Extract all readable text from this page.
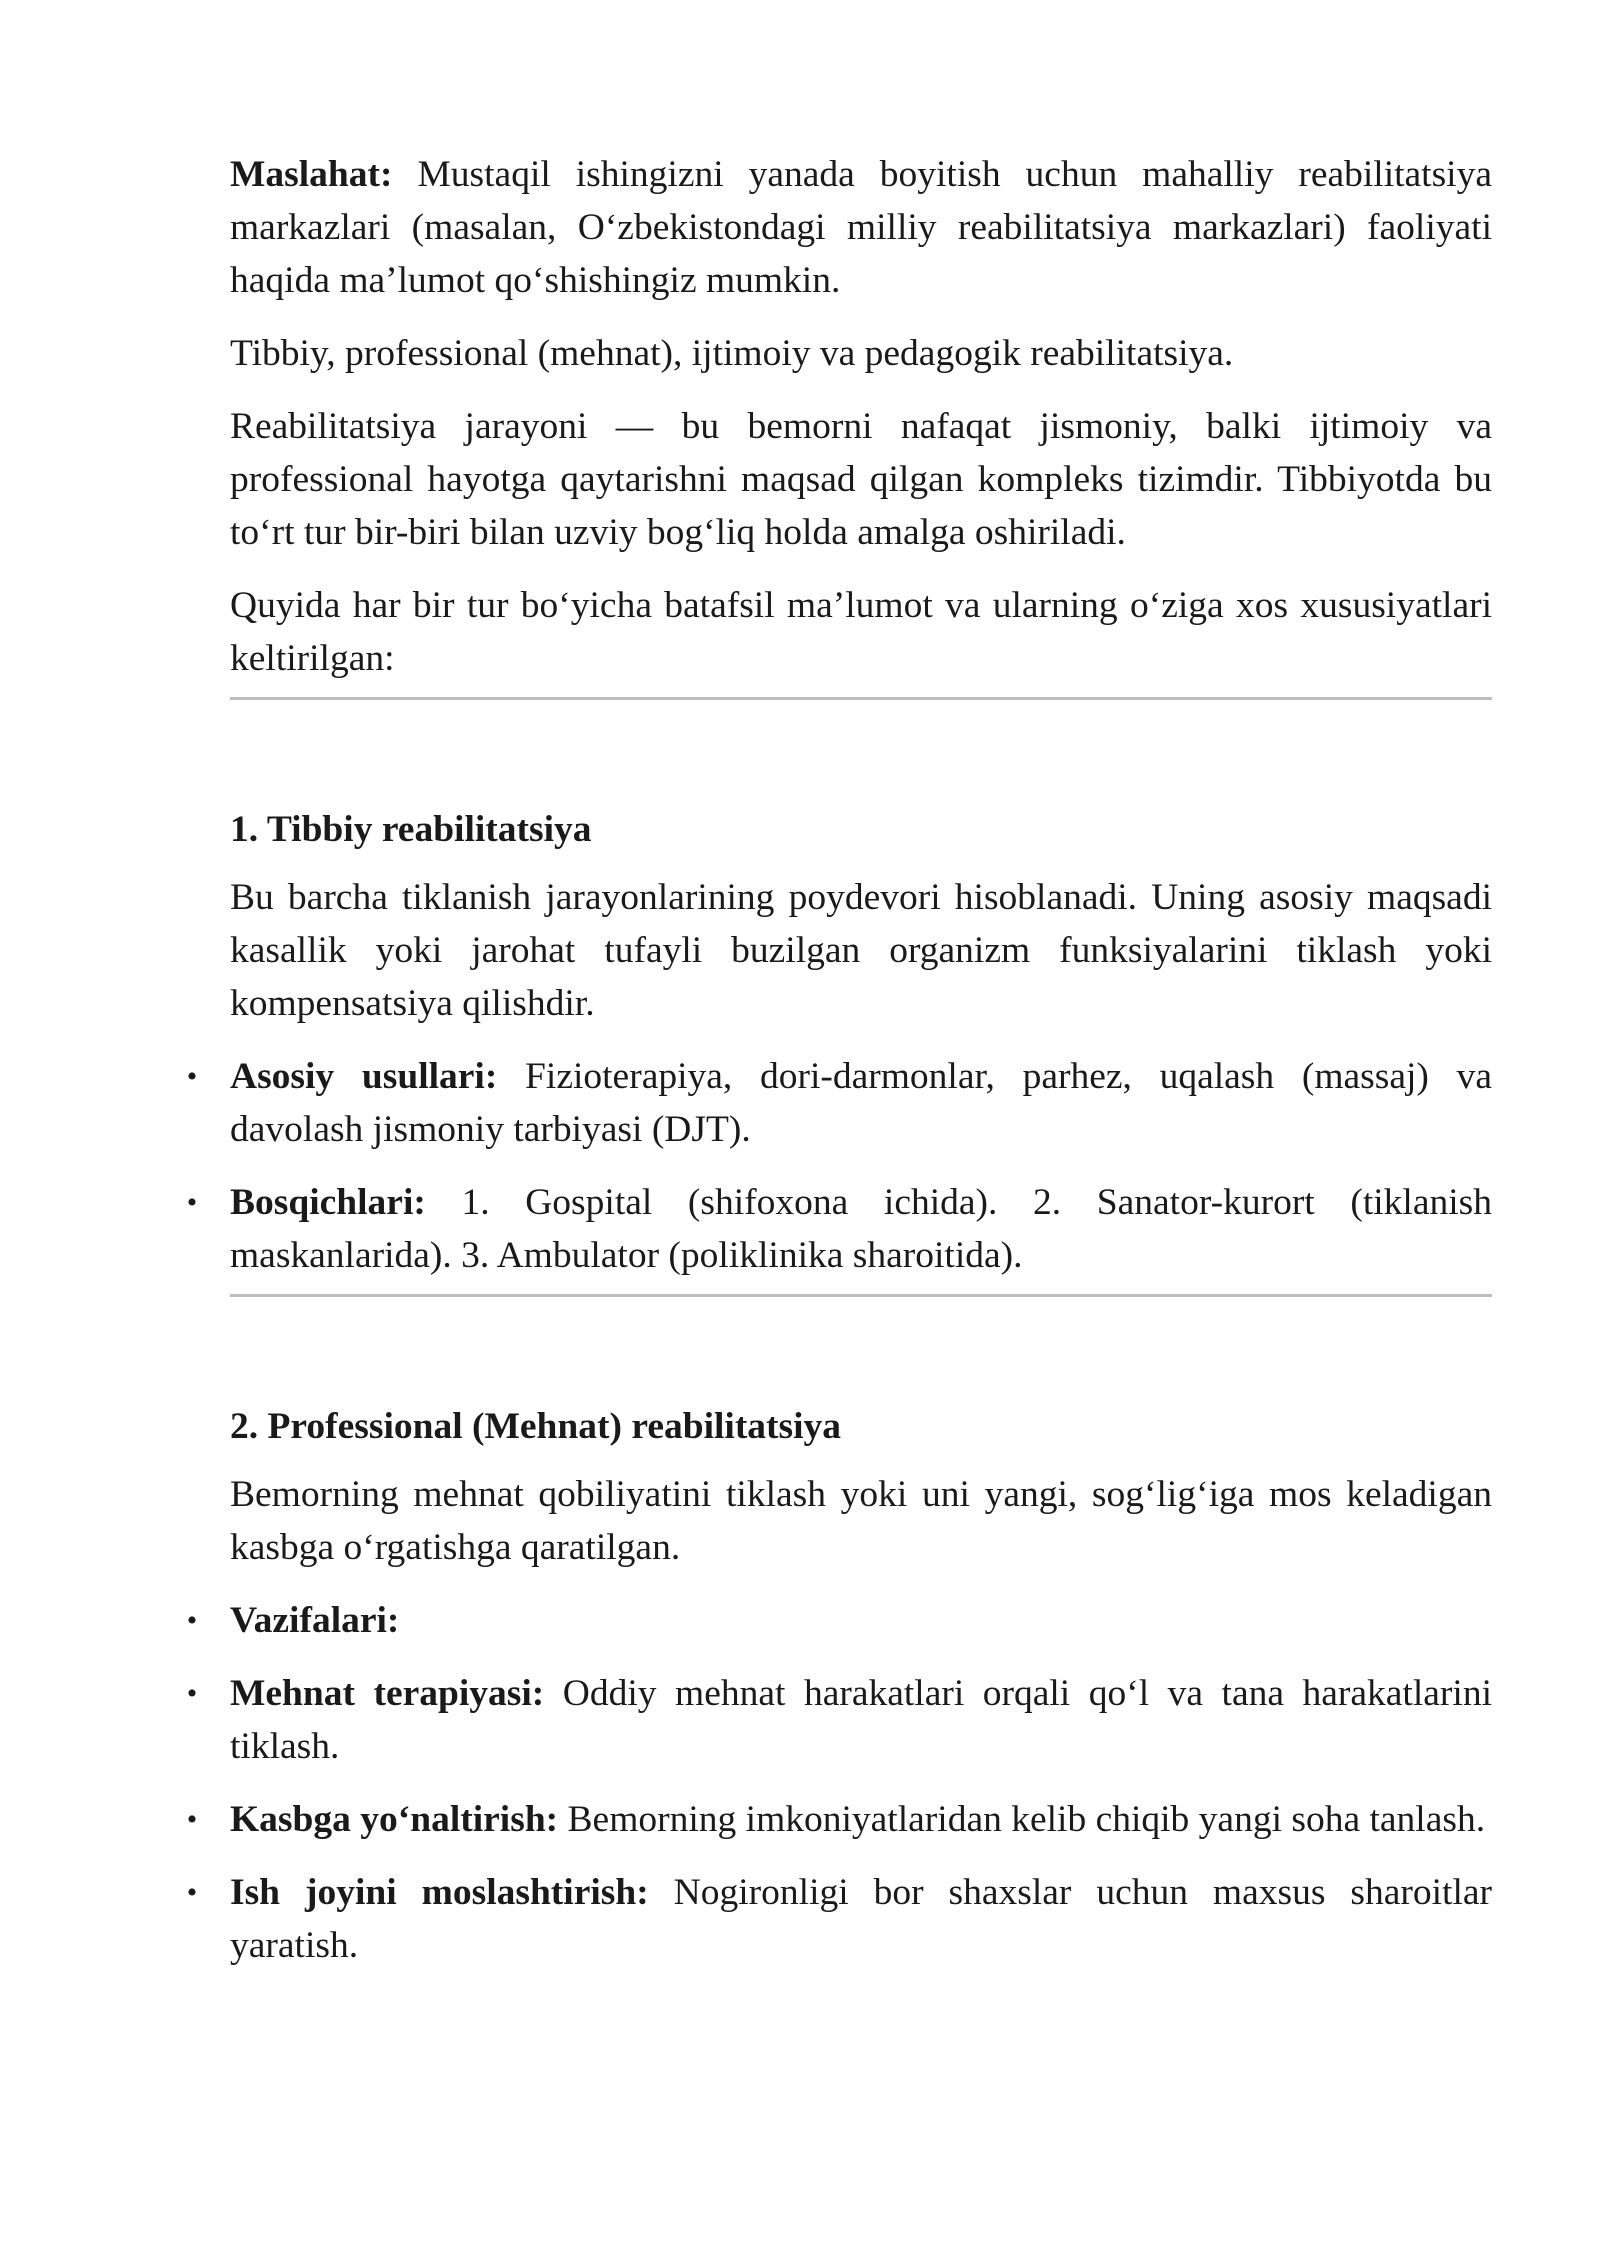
Maslahat: Mustaqil ishingizni yanada boyitish uchun mahalliy reabilitatsiya markazlari (masalan, O‘zbekistondagi milliy reabilitatsiya markazlari) faoliyati haqida ma’lumot qo‘shishingiz mumkin.

Tibbiy, professional (mehnat), ijtimoiy va pedagogik reabilitatsiya.

Reabilitatsiya jarayoni — bu bemorni nafaqat jismoniy, balki ijtimoiy va professional hayotga qaytarishni maqsad qilgan kompleks tizimdir. Tibbiyotda bu to‘rt tur bir-biri bilan uzviy bog‘liq holda amalga oshiriladi.

Quyida har bir tur bo‘yicha batafsil ma’lumot va ularning o‘ziga xos xususiyatlari keltirilgan:

1. Tibbiy reabilitatsiya

Bu barcha tiklanish jarayonlarining poydevori hisoblanadi. Uning asosiy maqsadi kasallik yoki jarohat tufayli buzilgan organizm funksiyalarini tiklash yoki kompensatsiya qilishdir.

• Asosiy usullari: Fizioterapiya, dori-darmonlar, parhez, uqalash (massaj) va davolash jismoniy tarbiyasi (DJT).
• Bosqichlari: 1. Gospital (shifoxona ichida). 2. Sanator-kurort (tiklanish maskanlarida). 3. Ambulator (poliklinika sharoitida).
2. Professional (Mehnat) reabilitatsiya

Bemorning mehnat qobiliyatini tiklash yoki uni yangi, sog‘lig‘iga mos keladigan kasbga o‘rgatishga qaratilgan.

• Vazifalari:
• Mehnat terapiyasi: Oddiy mehnat harakatlari orqali qo‘l va tana harakatlarini tiklash.
• Kasbga yo‘naltirish: Bemorning imkoniyatlaridan kelib chiqib yangi soha tanlash.
• Ish joyini moslashtirish: Nogironligi bor shaxslar uchun maxsus sharoitlar yaratish.
